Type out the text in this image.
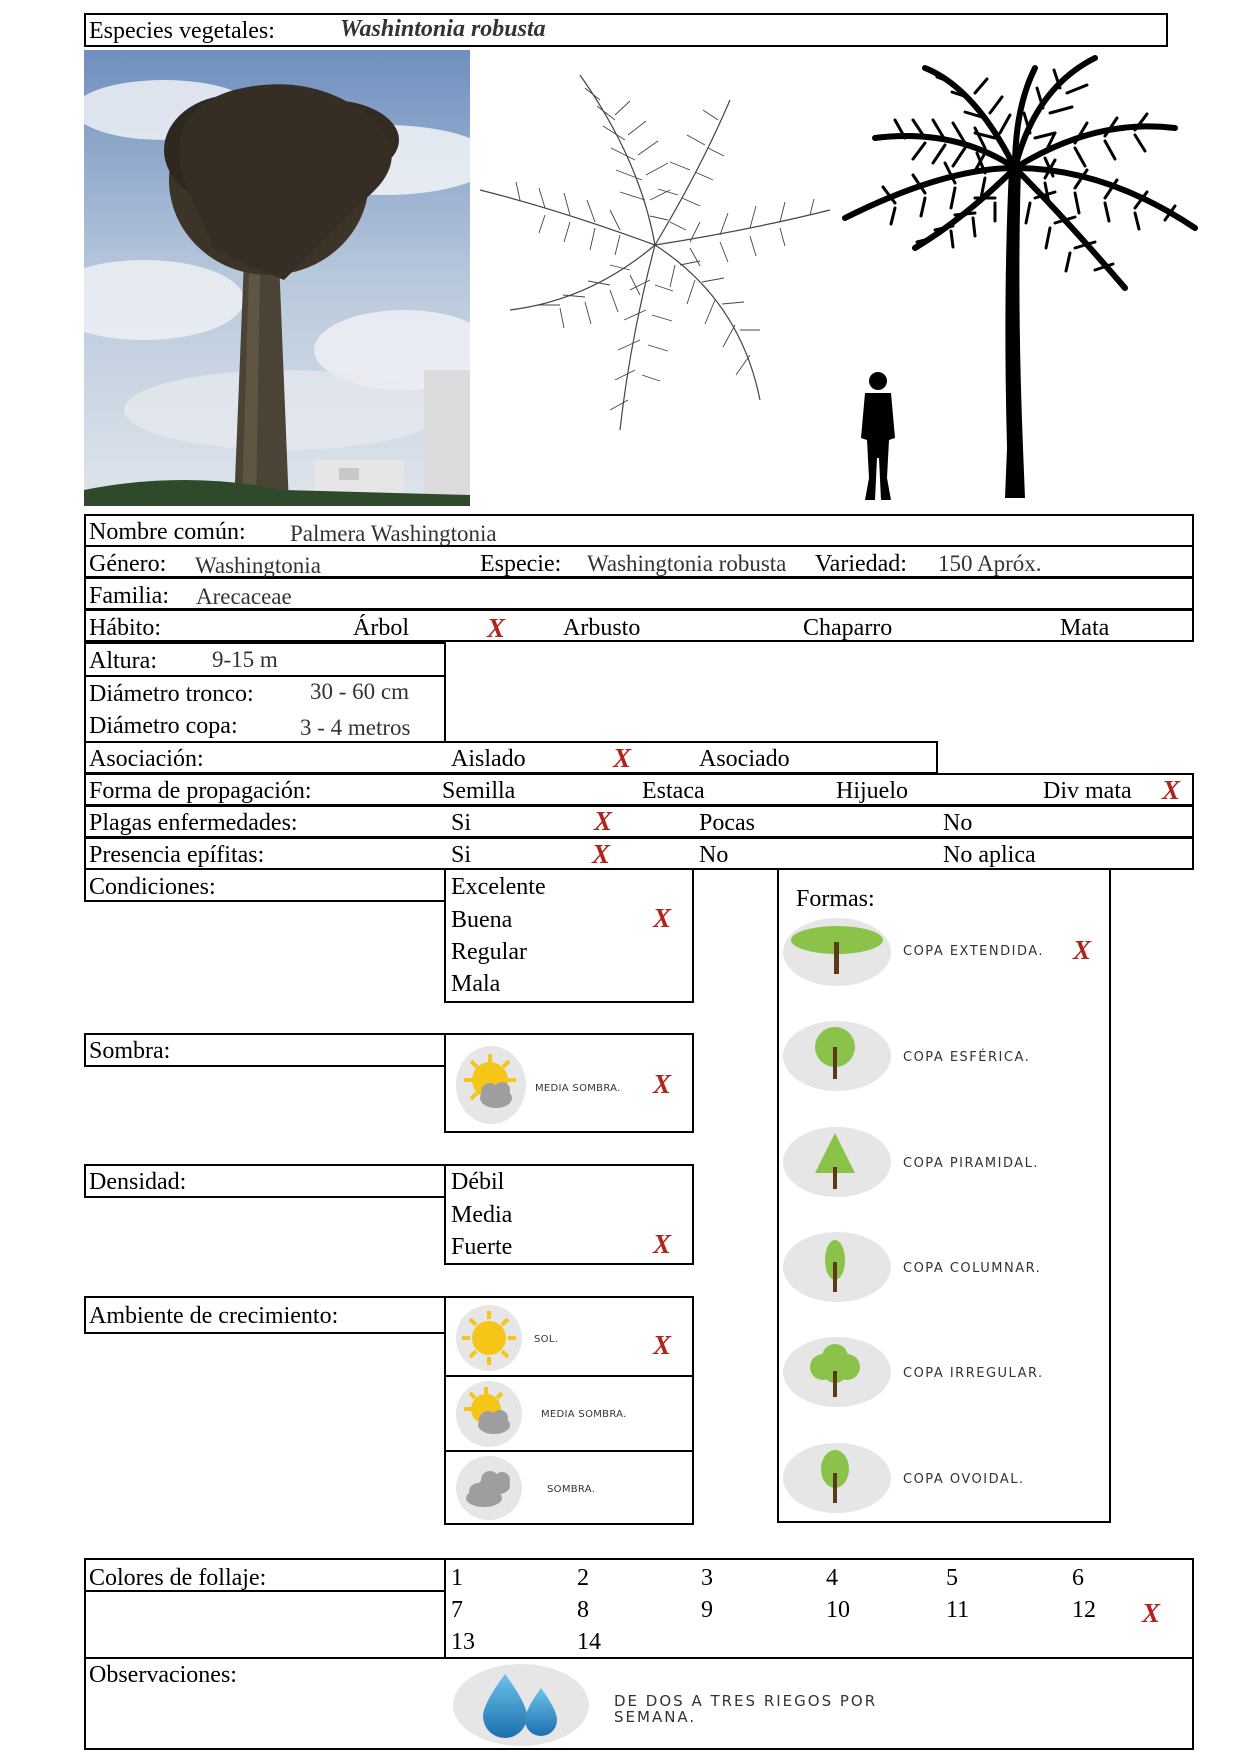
Especies vegetales:	Washintonia robusta
Nombre común: Palmera Washingtonia
Género: Washingtonia	Especie: Washingtonia robusta Variedad: 150 Apróx.
Familia: Arecaceae
Hábito:	Árbol	X Arbusto	Chaparro	Mata
Altura: 9-15 m
Diámetro tronco: 30 - 60 cm
Diámetro copa:	3 - 4 metros
Asociación:	Aislado	X	Asociado
Forma de propagación:	Semilla	Estaca	Hijuelo	Div mata X
Plagas enfermedades:	Si	X	Pocas	No
Presencia epífitas:	Si	X	No	No aplica
Condiciones:	Excelente
Buena	X
Regular
Mala
Sombra:
MEDIA SOMBRA. X
Densidad:	Débil
Media
Fuerte	X
Ambiente de crecimiento:
SOL.	X
MEDIA SOMBRA.
SOMBRA.
Formas:
COPA EXTENDIDA. X
COPA ESFÉRICA.
COPA PIRAMIDAL.
COPA COLUMNAR.
COPA IRREGULAR.
COPA OVOIDAL.
Colores de follaje:	1	2	3	4	5	6
7	8	9	10	11	12 X
13	14
Observaciones:
DE DOS A TRES RIEGOS POR
SEMANA.
